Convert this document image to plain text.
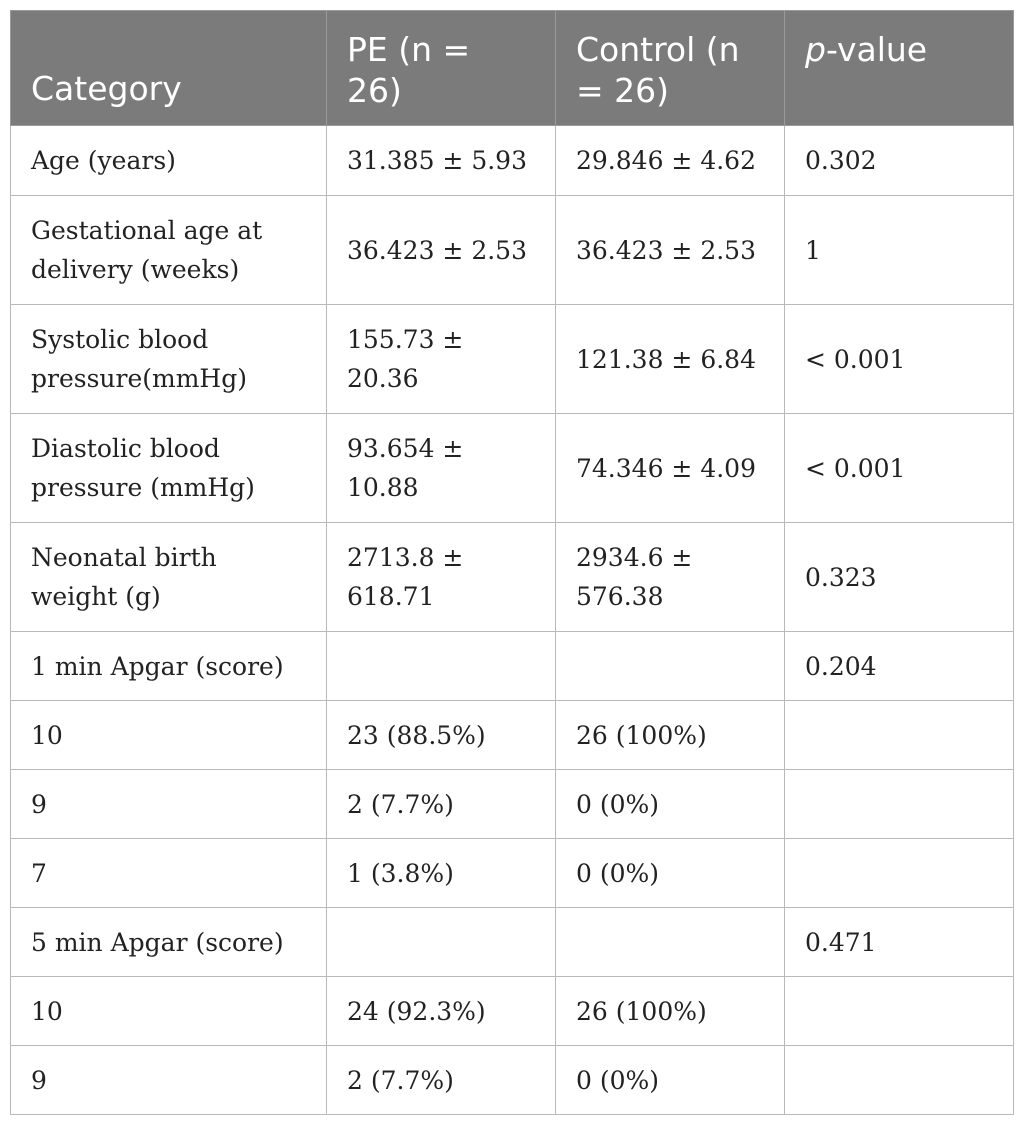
Category	PE (n = 26)	Control (n = 26)	p-value
Age (years)	31.385 ± 5.93	29.846 ± 4.62	0.302
Gestational age at delivery (weeks)	36.423 ± 2.53	36.423 ± 2.53	1
Systolic blood pressure(mmHg)	155.73 ± 20.36	121.38 ± 6.84	< 0.001
Diastolic blood pressure (mmHg)	93.654 ± 10.88	74.346 ± 4.09	< 0.001
Neonatal birth weight (g)	2713.8 ± 618.71	2934.6 ± 576.38	0.323
1 min Apgar (score)			0.204
10	23 (88.5%)	26 (100%)	
9	2 (7.7%)	0 (0%)	
7	1 (3.8%)	0 (0%)	
5 min Apgar (score)			0.471
10	24 (92.3%)	26 (100%)	
9	2 (7.7%)	0 (0%)	
